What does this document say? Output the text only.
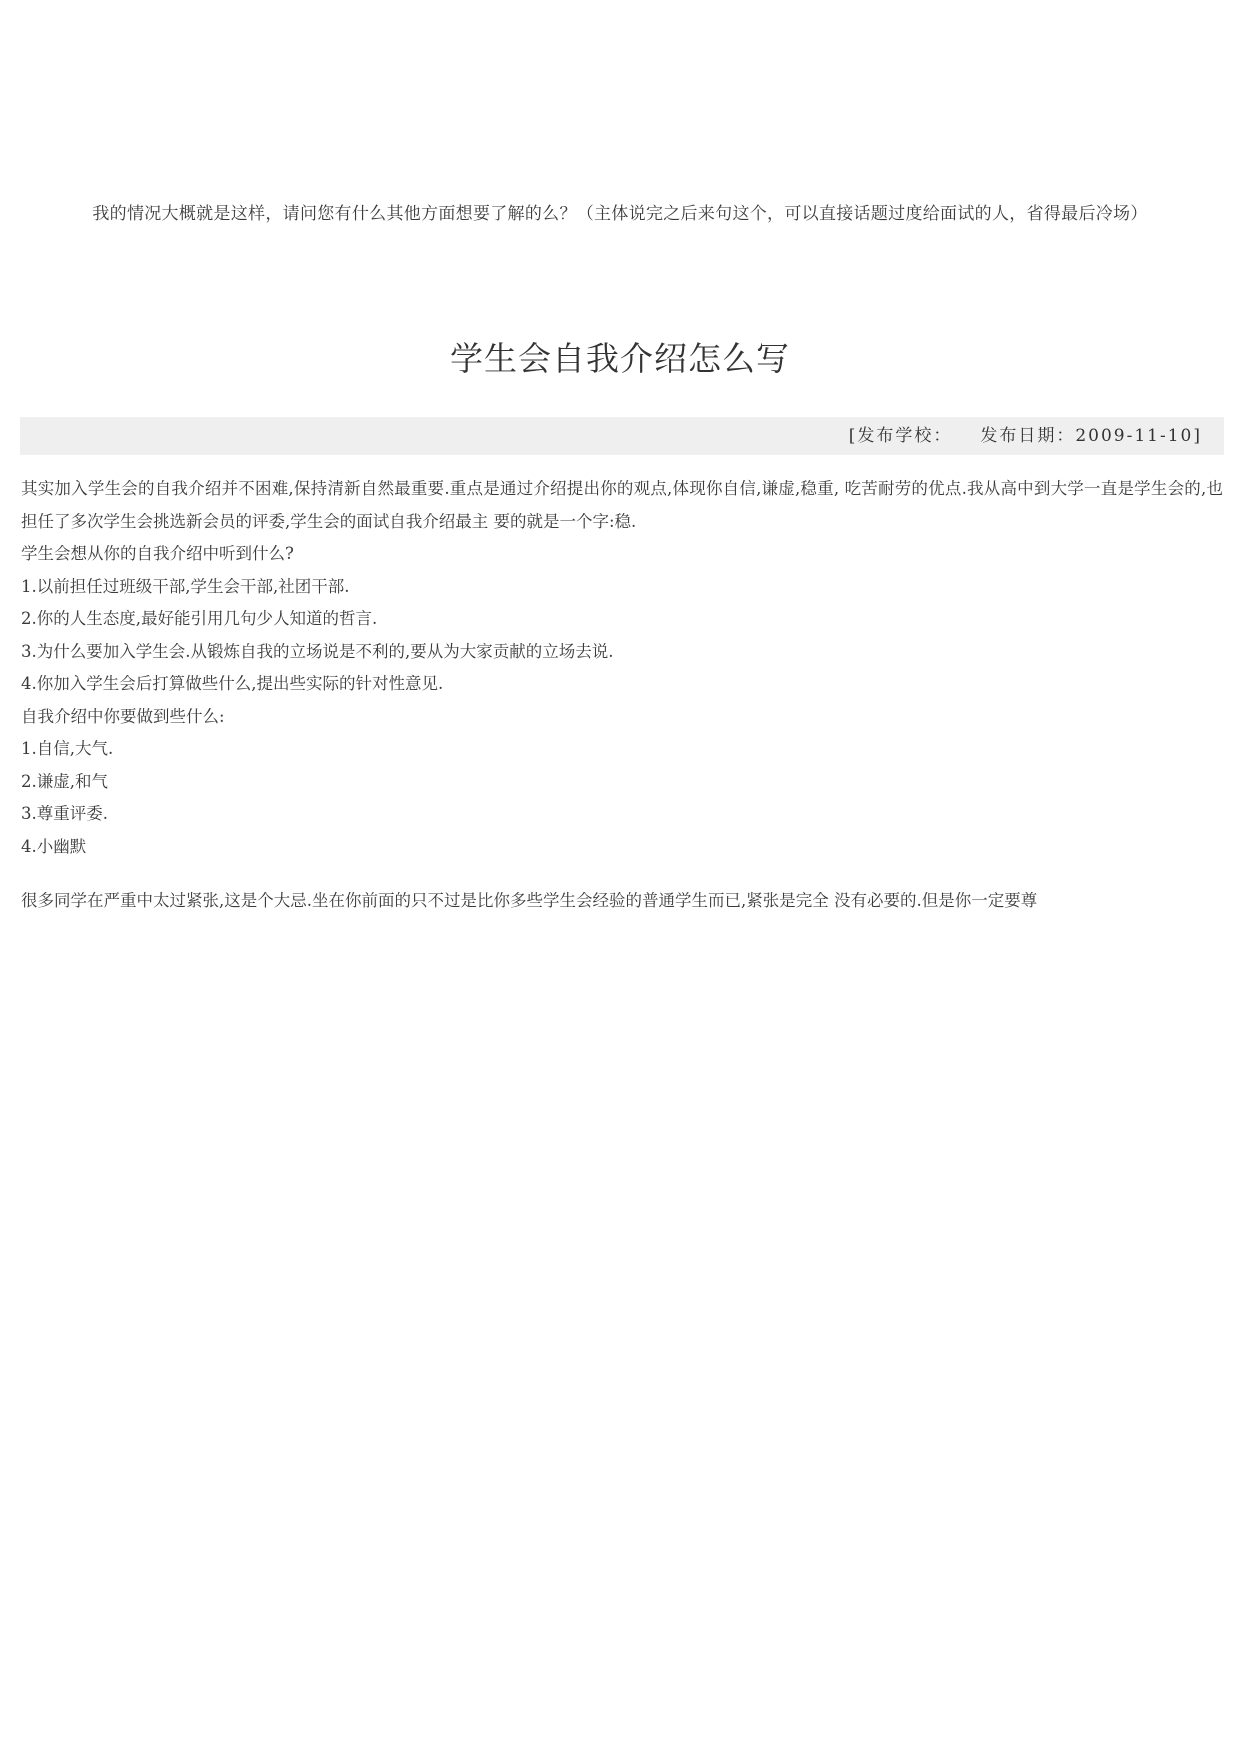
我的情况大概就是这样，请问您有什么其他方面想要了解的么？（主体说完之后来句这个，可以直接话题过度给面试的人，省得最后冷场）
学生会自我介绍怎么写
[发布学校： 发布日期：2009-11-10]

其实加入学生会的自我介绍并不困难,保持清新自然最重要.重点是通过介绍提出你的观点,体现你自信,谦虚,稳重, 吃苦耐劳的优点.我从高中到大学一直是学生会的,也担任了多次学生会挑选新会员的评委,学生会的面试自我介绍最主 要的就是一个字:稳.

学生会想从你的自我介绍中听到什么?

1.以前担任过班级干部,学生会干部,社团干部.

2.你的人生态度,最好能引用几句少人知道的哲言.

3.为什么要加入学生会.从锻炼自我的立场说是不利的,要从为大家贡献的立场去说.

4.你加入学生会后打算做些什么,提出些实际的针对性意见.

自我介绍中你要做到些什么:

1.自信,大气.

2.谦虚,和气

3.尊重评委.

4.小幽默

很多同学在严重中太过紧张,这是个大忌.坐在你前面的只不过是比你多些学生会经验的普通学生而已,紧张是完全 没有必要的.但是你一定要尊
